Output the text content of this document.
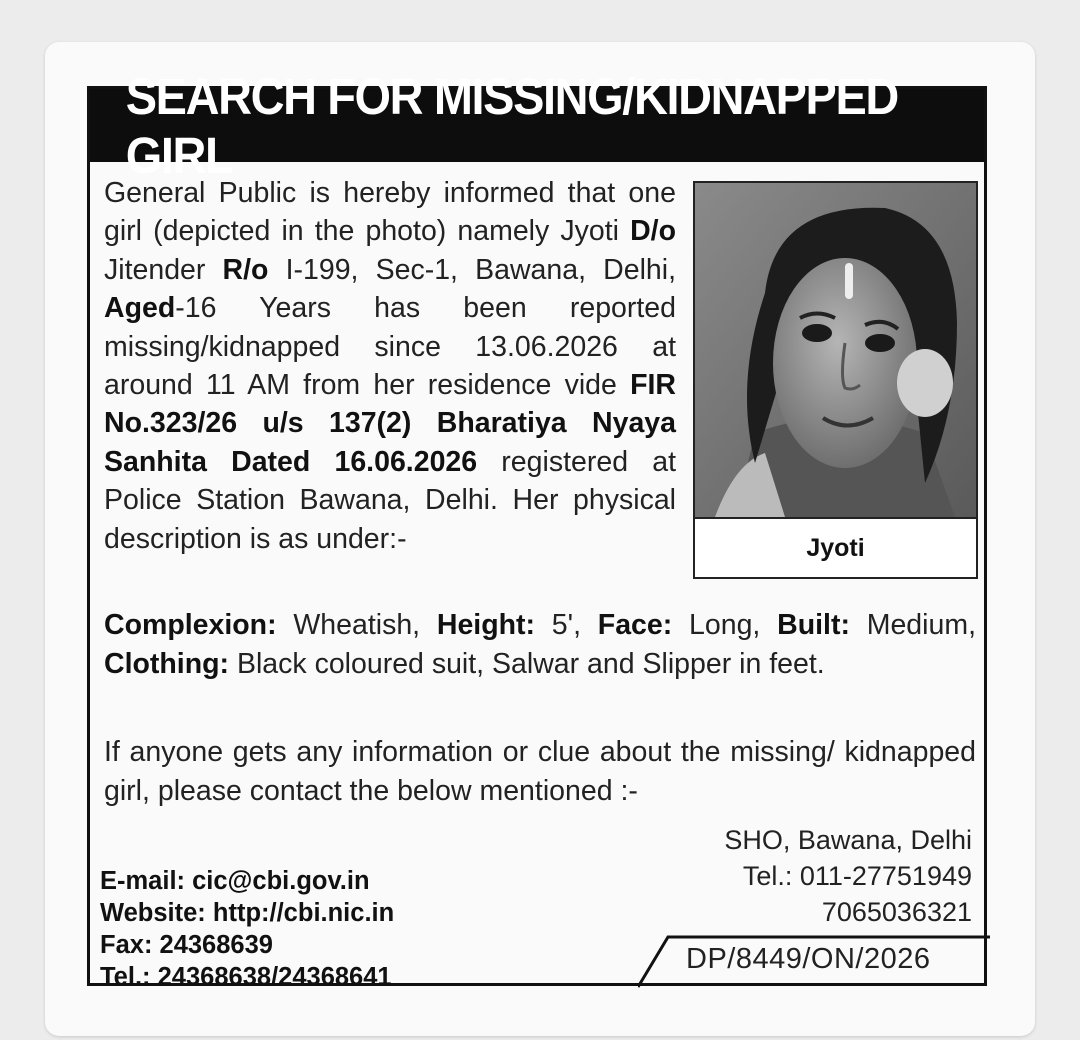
SEARCH FOR MISSING/KIDNAPPED GIRL
General Public is hereby informed that one girl (depicted in the photo) namely Jyoti D/o Jitender R/o I-199, Sec-1, Bawana, Delhi, Aged-16 Years has been reported missing/kidnapped since 13.06.2026 at around 11 AM from her residence vide FIR No.323/26 u/s 137(2) Bharatiya Nyaya Sanhita Dated 16.06.2026 registered at Police Station Bawana, Delhi. Her physical description is as under:-	Jyoti
Complexion: Wheatish, Height: 5', Face: Long, Built: Medium, Clothing: Black coloured suit, Salwar and Slipper in feet.
If anyone gets any information or clue about the missing/ kidnapped girl, please contact the below mentioned :-
SHO, Bawana, Delhi
Tel.: 011-27751949
7065036321
E-mail: cic@cbi.gov.in
Website: http://cbi.nic.in
Fax: 24368639
Tel.: 24368638/24368641
DP/8449/ON/2026
